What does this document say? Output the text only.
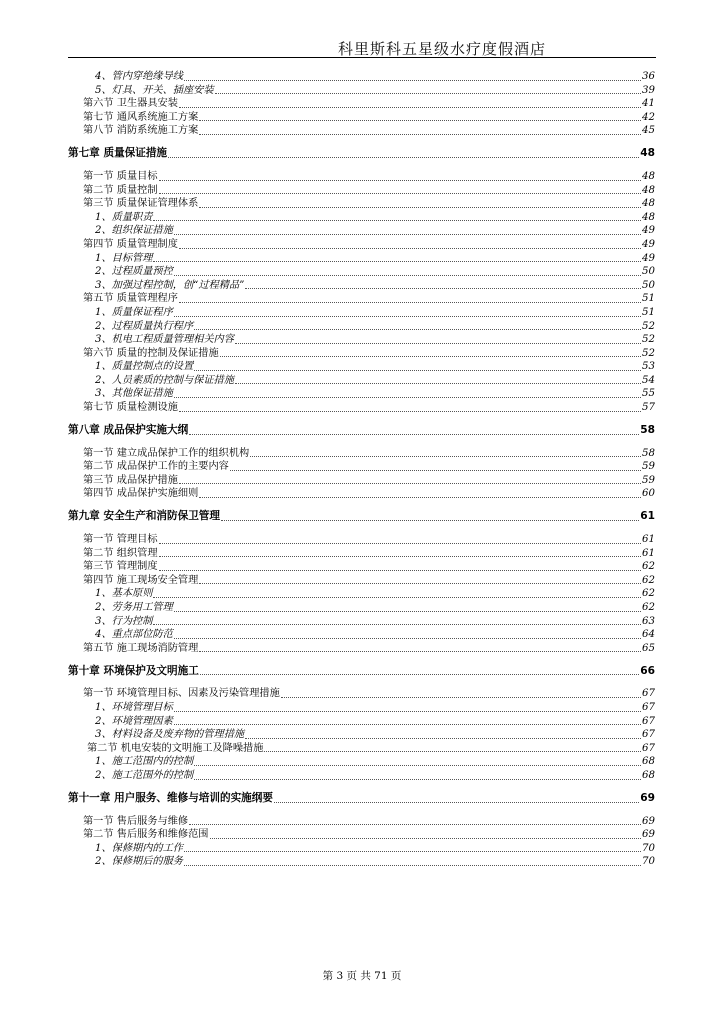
科里斯科五星级水疗度假酒店
4、管内穿绝缘导线	36
5、灯具、开关、插座安装	39
第六节 卫生器具安装	41
第七节 通风系统施工方案	42
第八节 消防系统施工方案	45
第七章 质量保证措施	48
第一节 质量目标	48
第二节 质量控制	48
第三节 质量保证管理体系	48
1、质量职责	48
2、组织保证措施	49
第四节 质量管理制度	49
1、目标管理	49
2、过程质量预控	50
3、加强过程控制，创“过程精品”	50
第五节 质量管理程序	51
1、质量保证程序	51
2、过程质量执行程序	52
3、机电工程质量管理相关内容	52
第六节 质量的控制及保证措施	52
1、质量控制点的设置	53
2、人员素质的控制与保证措施	54
3、其他保证措施	55
第七节 质量检测设施	57
第八章 成品保护实施大纲	58
第一节 建立成品保护工作的组织机构	58
第二节 成品保护工作的主要内容	59
第三节 成品保护措施	59
第四节 成品保护实施细则	60
第九章 安全生产和消防保卫管理	61
第一节 管理目标	61
第二节 组织管理	61
第三节 管理制度	62
第四节 施工现场安全管理	62
1、基本原则	62
2、劳务用工管理	62
3、行为控制	63
4、重点部位防范	64
第五节 施工现场消防管理	65
第十章 环境保护及文明施工	66
第一节 环境管理目标、因素及污染管理措施	67
1、环境管理目标	67
2、环境管理因素	67
3、材料设备及废弃物的管理措施	67
第二节 机电安装的文明施工及降噪措施	67
1、施工范围内的控制	68
2、施工范围外的控制	68
第十一章 用户服务、维修与培训的实施纲要	69
第一节 售后服务与维修	69
第二节 售后服务和维修范围	69
1、保修期内的工作	70
2、保修期后的服务	70
第 3 页 共 71 页
